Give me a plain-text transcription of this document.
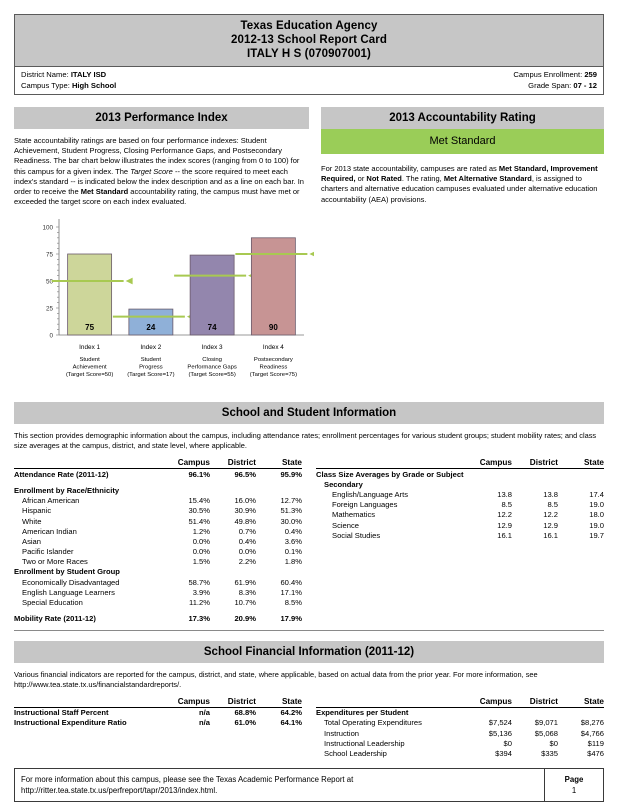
Texas Education Agency
2012-13 School Report Card
ITALY H S (070907001)
District Name: ITALY ISD
Campus Type: High School
Campus Enrollment: 259
Grade Span: 07 - 12
2013 Performance Index
State accountability ratings are based on four performance indexes: Student Achievement, Student Progress, Closing Performance Gaps, and Postsecondary Readiness. The bar chart below illustrates the index scores (ranging from 0 to 100) for this campus for a given index. The Target Score -- the score required to meet each index's standard -- is indicated below the index description and as a line on each bar. In order to receive the Met Standard accountability rating, the campus must have met or exceeded the target score on each index evaluated.
2013 Accountability Rating
Met Standard
For 2013 state accountability, campuses are rated as Met Standard, Improvement Required, or Not Rated. The rating, Met Alternative Standard, is assigned to charters and alternative education campuses evaluated under alternative education accountability (AEA) provisions.
0
25
50
75
100
75
Index 1
Student
Achievement
(Target Score=50)
24
Index 2
Student
Progress
(Target Score=17)
74
Index 3
Closing
Performance Gaps
(Target Score=55)
90
Index 4
Postsecondary
Readiness
(Target Score=75)
School and Student Information
This section provides demographic information about the campus, including attendance rates; enrollment percentages for various student groups; student mobility rates; and class size averages at the campus, district, and state level, where applicable.
	Campus	District	State
Attendance Rate (2011-12)	96.1%	96.5%	95.9%

Enrollment by Race/Ethnicity			
African American	15.4%	16.0%	12.7%
Hispanic	30.5%	30.9%	51.3%
White	51.4%	49.8%	30.0%
American Indian	1.2%	0.7%	0.4%
Asian	0.0%	0.4%	3.6%
Pacific Islander	0.0%	0.0%	0.1%
Two or More Races	1.5%	2.2%	1.8%
Enrollment by Student Group			
Economically Disadvantaged	58.7%	61.9%	60.4%
English Language Learners	3.9%	8.3%	17.1%
Special Education	11.2%	10.7%	8.5%

Mobility Rate (2011-12)	17.3%	20.9%	17.9%
	Campus	District	State
Class Size Averages by Grade or Subject			
Secondary			
English/Language Arts	13.8	13.8	17.4
Foreign Languages	8.5	8.5	19.0
Mathematics	12.2	12.2	18.0
Science	12.9	12.9	19.0
Social Studies	16.1	16.1	19.7
School Financial Information (2011-12)
Various financial indicators are reported for the campus, district, and state, where applicable, based on actual data from the prior year. For more information, see http://www.tea.state.tx.us/financialstandardreports/.
	Campus	District	State
Instructional Staff Percent	n/a	68.8%	64.2%
Instructional Expenditure Ratio	n/a	61.0%	64.1%
	Campus	District	State
Expenditures per Student			
Total Operating Expenditures	$7,524	$9,071	$8,276
Instruction	$5,136	$5,068	$4,766
Instructional Leadership	$0	$0	$119
School Leadership	$394	$335	$476
For more information about this campus, please see the Texas Academic Performance Report at
http://ritter.tea.state.tx.us/perfreport/tapr/2013/index.html.
Page
1
